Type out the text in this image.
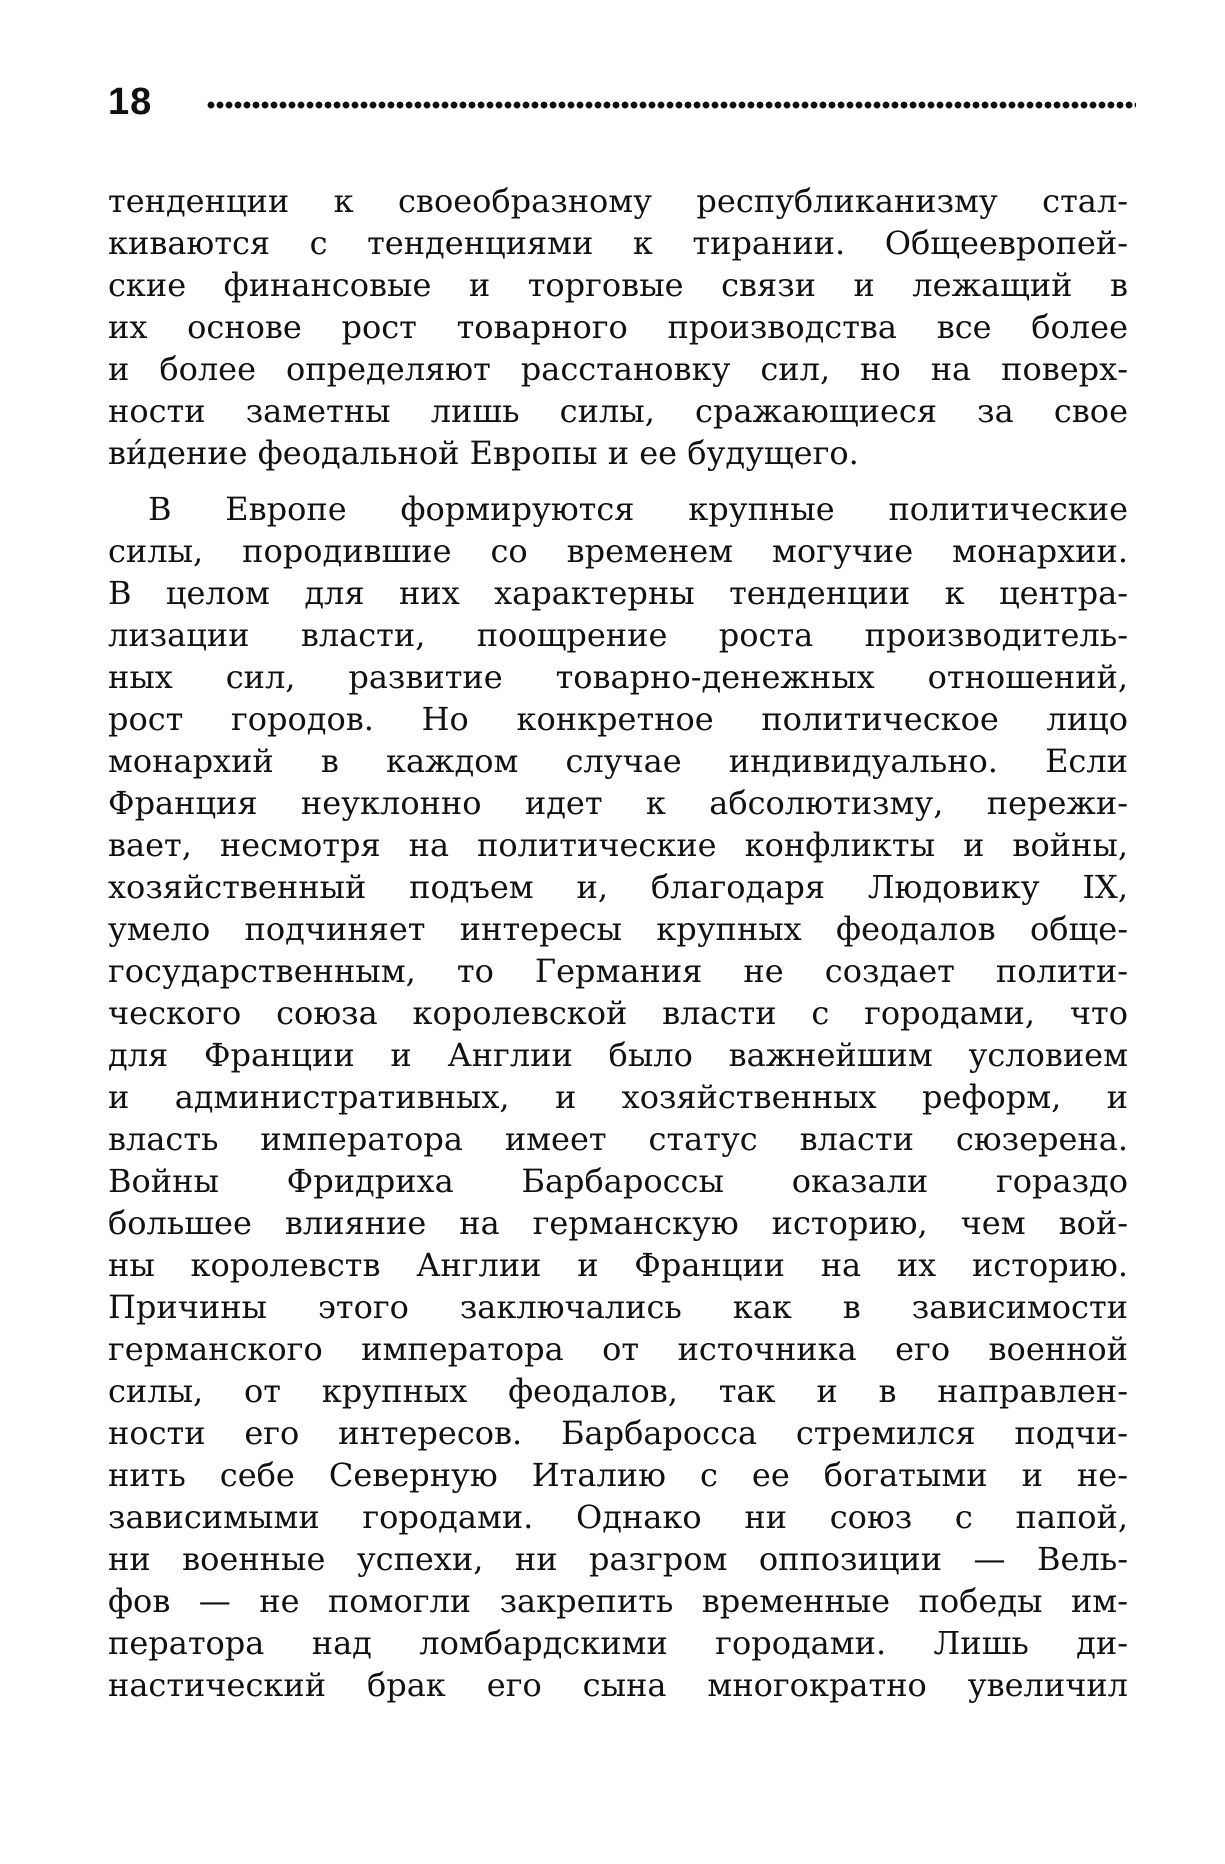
18
тенденции к своеобразному республиканизму стал-
киваются с тенденциями к тирании. Общеевропей-
ские финансовые и торговые связи и лежащий в
их основе рост товарного производства все более
и более определяют расстановку сил, но на поверх-
ности заметны лишь силы, сражающиеся за свое
ви́дение феодальной Европы и ее будущего.
В Европе формируются крупные политические
силы, породившие со временем могучие монархии.
В целом для них характерны тенденции к центра-
лизации власти, поощрение роста производитель-
ных сил, развитие товарно-денежных отношений,
рост городов. Но конкретное политическое лицо
монархий в каждом случае индивидуально. Если
Франция неуклонно идет к абсолютизму, пережи-
вает, несмотря на политические конфликты и войны,
хозяйственный подъем и, благодаря Людовику IX,
умело подчиняет интересы крупных феодалов обще-
государственным, то Германия не создает полити-
ческого союза королевской власти с городами, что
для Франции и Англии было важнейшим условием
и административных, и хозяйственных реформ, и
власть императора имеет статус власти сюзерена.
Войны Фридриха Барбароссы оказали гораздо
большее влияние на германскую историю, чем вой-
ны королевств Англии и Франции на их историю.
Причины этого заключались как в зависимости
германского императора от источника его военной
силы, от крупных феодалов, так и в направлен-
ности его интересов. Барбаросса стремился подчи-
нить себе Северную Италию с ее богатыми и не-
зависимыми городами. Однако ни союз с папой,
ни военные успехи, ни разгром оппозиции — Вель-
фов — не помогли закрепить временные победы им-
ператора над ломбардскими городами. Лишь ди-
настический брак его сына многократно увеличил
